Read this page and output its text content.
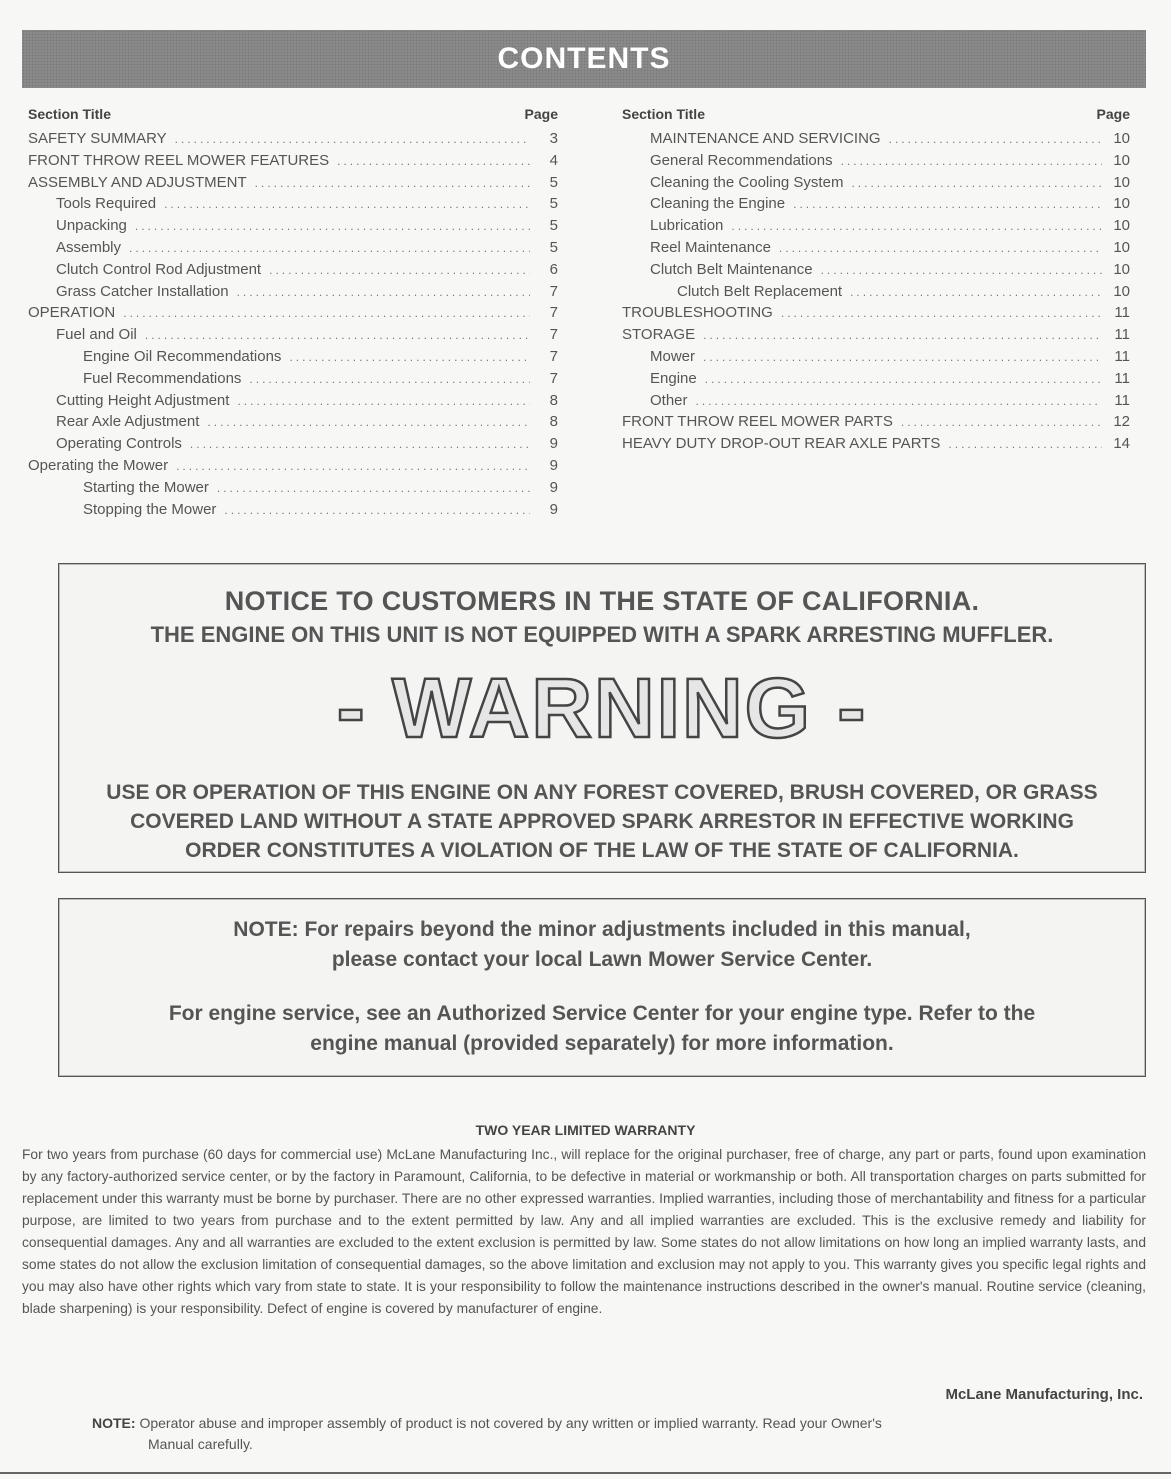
CONTENTS
Section Title	Page
SAFETY SUMMARY .....	3
FRONT THROW REEL MOWER FEATURES .....	4
ASSEMBLY AND ADJUSTMENT .....	5
Tools Required .....	5
Unpacking .....	5
Assembly .....	5
Clutch Control Rod Adjustment .....	6
Grass Catcher Installation .....	7
OPERATION .....	7
Fuel and Oil .....	7
Engine Oil Recommendations .....	7
Fuel Recommendations .....	7
Cutting Height Adjustment .....	8
Rear Axle Adjustment .....	8
Operating Controls .....	9
Operating the Mower .....	9
Starting the Mower .....	9
Stopping the Mower .....	9
Section Title	Page
MAINTENANCE AND SERVICING .....	10
General Recommendations .....	10
Cleaning the Cooling System .....	10
Cleaning the Engine .....	10
Lubrication .....	10
Reel Maintenance .....	10
Clutch Belt Maintenance .....	10
Clutch Belt Replacement .....	10
TROUBLESHOOTING .....	11
STORAGE .....	11
Mower .....	11
Engine .....	11
Other .....	11
FRONT THROW REEL MOWER PARTS .....	12
HEAVY DUTY DROP-OUT REAR AXLE PARTS .....	14
NOTICE TO CUSTOMERS IN THE STATE OF CALIFORNIA.
THE ENGINE ON THIS UNIT IS NOT EQUIPPED WITH A SPARK ARRESTING MUFFLER.
- WARNING -
USE OR OPERATION OF THIS ENGINE ON ANY FOREST COVERED, BRUSH COVERED, OR GRASS
COVERED LAND WITHOUT A STATE APPROVED SPARK ARRESTOR IN EFFECTIVE WORKING
ORDER CONSTITUTES A VIOLATION OF THE LAW OF THE STATE OF CALIFORNIA.
NOTE: For repairs beyond the minor adjustments included in this manual,
please contact your local Lawn Mower Service Center.
For engine service, see an Authorized Service Center for your engine type. Refer to the
engine manual (provided separately) for more information.
TWO YEAR LIMITED WARRANTY
For two years from purchase (60 days for commercial use) McLane Manufacturing Inc., will replace for the original purchaser, free of charge, any part or parts, found upon examination by any factory-authorized service center, or by the factory in Paramount, California, to be defective in material or workmanship or both. All transportation charges on parts submitted for replacement under this warranty must be borne by purchaser. There are no other expressed warranties. Implied warranties, including those of merchantability and fitness for a particular purpose, are limited to two years from purchase and to the extent permitted by law. Any and all implied warranties are excluded. This is the exclusive remedy and liability for consequential damages. Any and all warranties are excluded to the extent exclusion is permitted by law. Some states do not allow limitations on how long an implied warranty lasts, and some states do not allow the exclusion limitation of consequential damages, so the above limitation and exclusion may not apply to you. This warranty gives you specific legal rights and you may also have other rights which vary from state to state. It is your responsibility to follow the maintenance instructions described in the owner's manual. Routine service (cleaning, blade sharpening) is your responsibility. Defect of engine is covered by manufacturer of engine.
McLane Manufacturing, Inc.
NOTE: Operator abuse and improper assembly of product is not covered by any written or implied warranty. Read your Owner's
Manual carefully.
